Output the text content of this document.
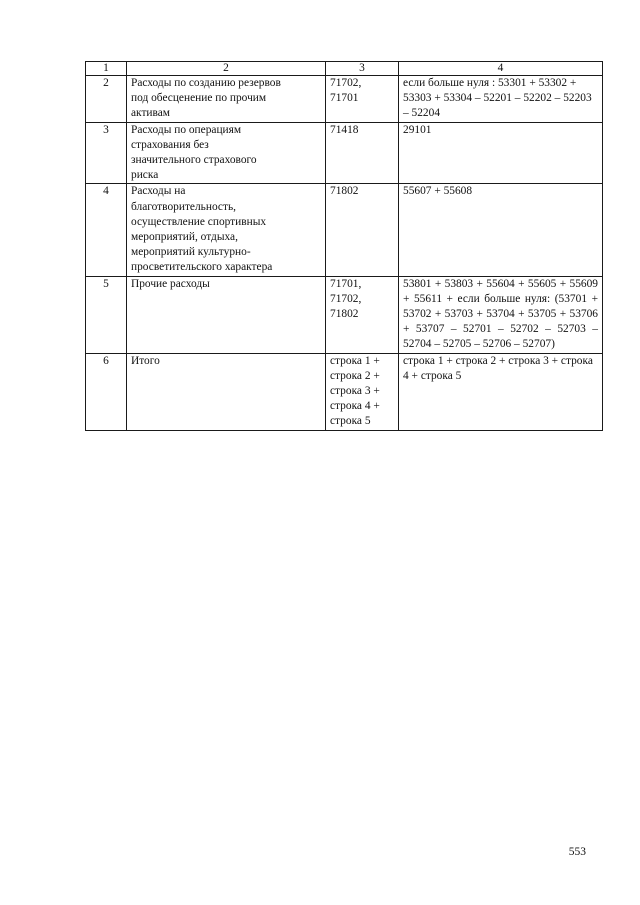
1	2	3	4
2	Расходы по созданию резервов под обесценение по прочим активам	71702, 71701	если больше нуля : 53301 + 53302 + 53303 + 53304 – 52201 – 52202 – 52203 – 52204
3	Расходы по операциям страхования без значительного страхового риска	71418	29101
4	Расходы на благотворительность, осуществление спортивных мероприятий, отдыха, мероприятий культурно-просветительского характера	71802	55607 + 55608
5	Прочие расходы	71701, 71702, 71802	53801 + 53803 + 55604 + 55605 + 55609 + 55611 + если больше нуля: (53701 + 53702 + 53703 + 53704 + 53705 + 53706 + 53707 – 52701 – 52702 – 52703 – 52704 – 52705 – 52706 – 52707)
6	Итого	строка 1 + строка 2 + строка 3 + строка 4 + строка 5	строка 1 + строка 2 + строка 3 + строка 4 + строка 5
553
